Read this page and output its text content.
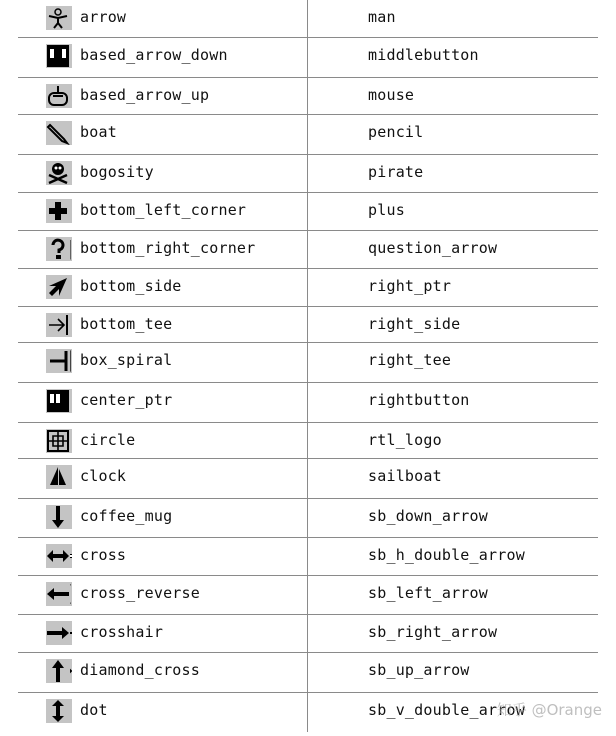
arrow	man
based_arrow_down	middlebutton
based_arrow_up	mouse
boat	pencil
bogosity	pirate
bottom_left_corner	plus
bottom_right_corner	question_arrow
bottom_side	right_ptr
bottom_tee	right_side
box_spiral	right_tee
center_ptr	rightbutton
circle	rtl_logo
clock	sailboat
coffee_mug	sb_down_arrow
cross	sb_h_double_arrow
cross_reverse	sb_left_arrow
crosshair	sb_right_arrow
diamond_cross	sb_up_arrow
dot	sb_v_double_arrow
知乎 @Orange
